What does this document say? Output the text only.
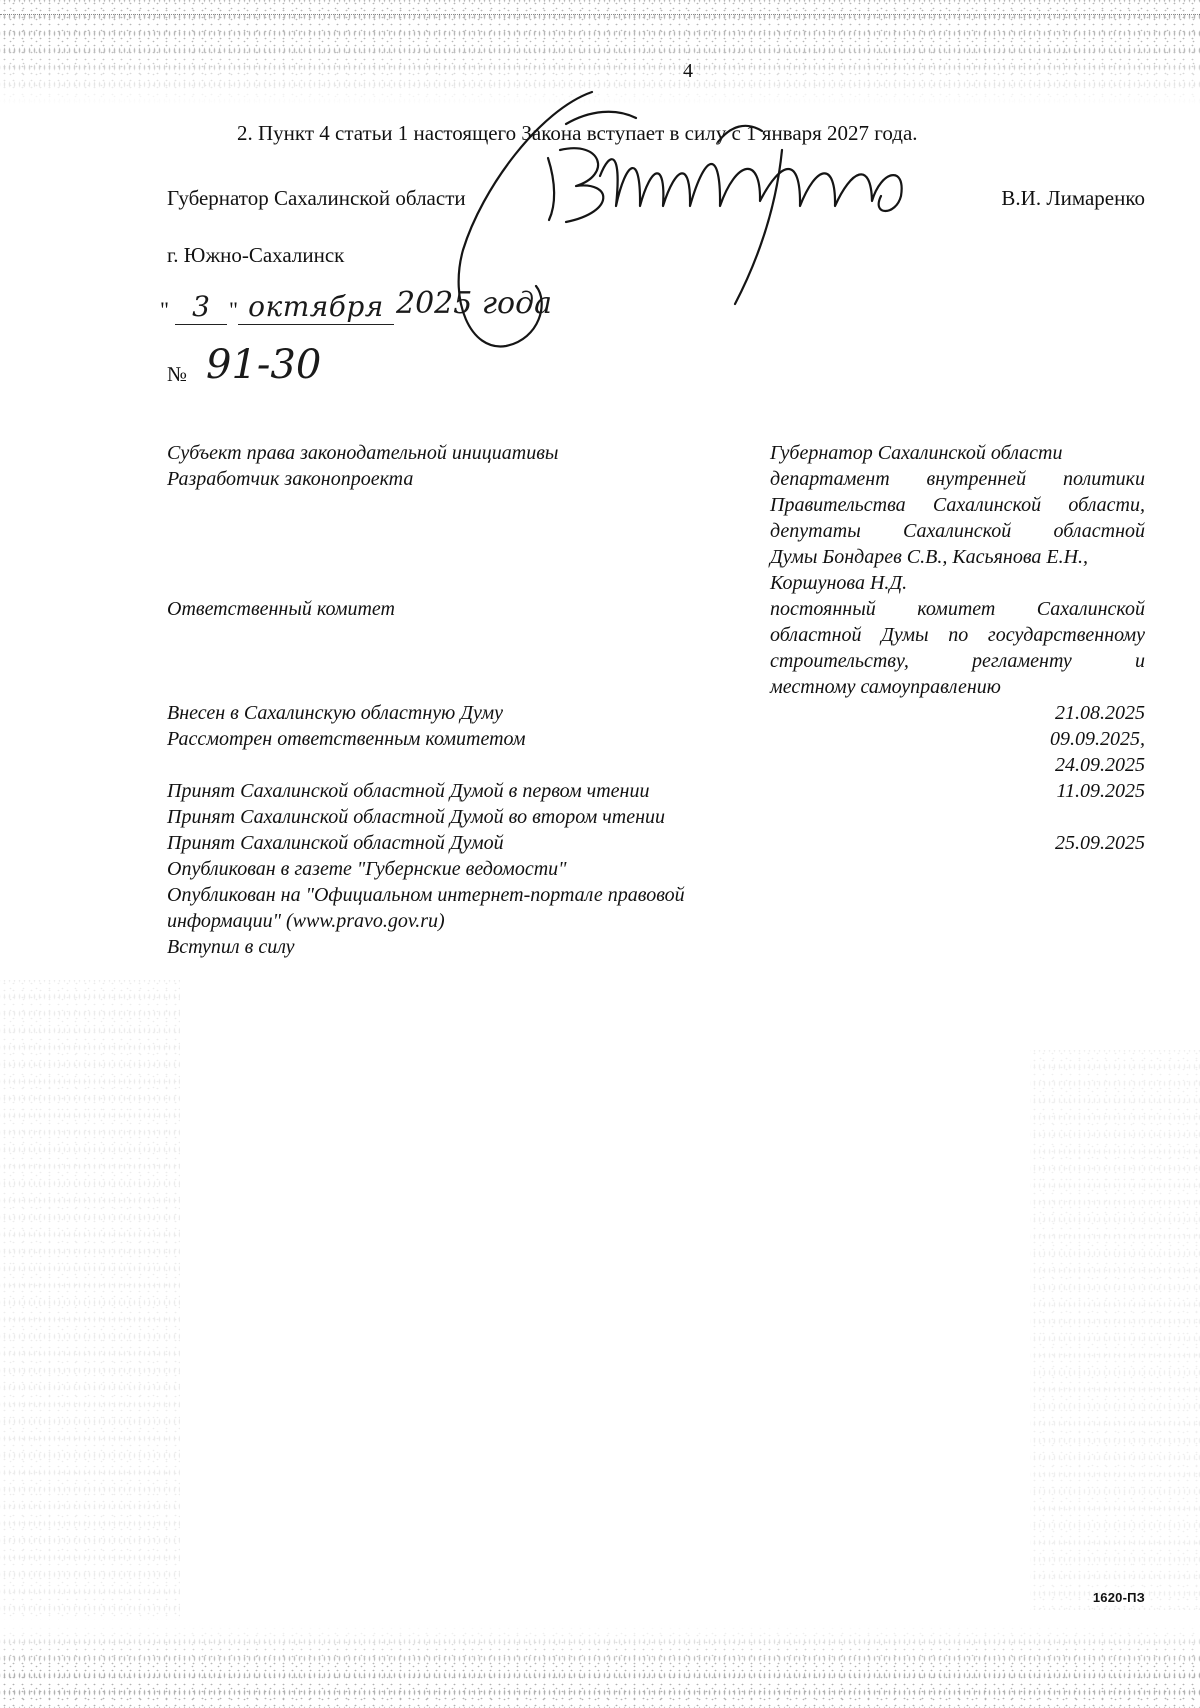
4
2. Пункт 4 статьи 1 настоящего Закона вступает в силу с 1 января 2027 года.
Губернатор Сахалинской области	В.И. Лимаренко
г. Южно-Сахалинск
" 3 " октября 2025 года
№ 91-30
Субъект права законодательной инициативы	Губернатор Сахалинской области
Разработчик законопроекта	департамент внутренней политики
Правительства Сахалинской области,
депутаты Сахалинской областной
Думы Бондарев С.В., Касьянова Е.Н.,
Коршунова Н.Д.
Ответственный комитет	постоянный комитет Сахалинской
областной Думы по государственному
строительству, регламенту и
местному самоуправлению
Внесен в Сахалинскую областную Думу	21.08.2025
Рассмотрен ответственным комитетом	09.09.2025,
24.09.2025
Принят Сахалинской областной Думой в первом чтении	11.09.2025
Принят Сахалинской областной Думой во втором чтении
Принят Сахалинской областной Думой	25.09.2025
Опубликован в газете "Губернские ведомости"
Опубликован на "Официальном интернет-портале правовой
информации" (www.pravo.gov.ru)
Вступил в силу
1620-ПЗ
